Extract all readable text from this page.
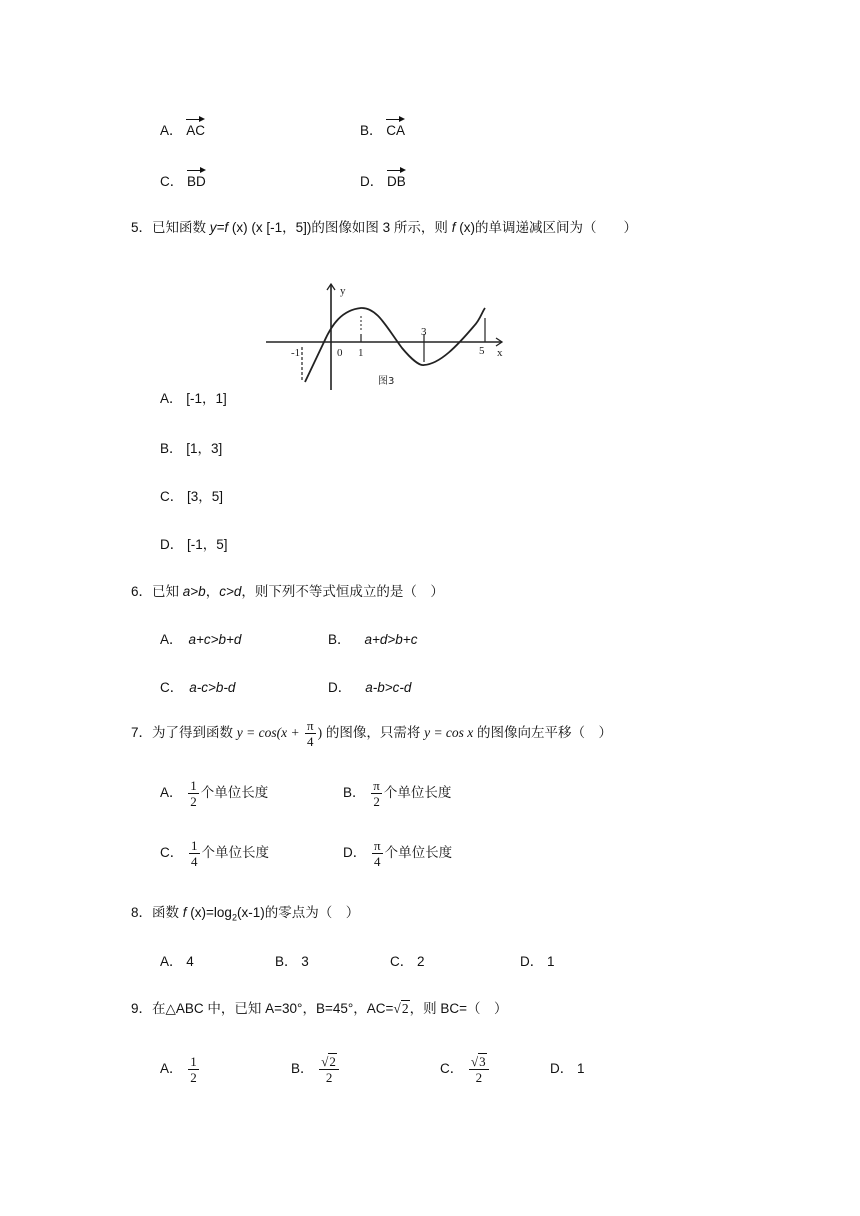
A． AC	B． CA
C． BD	D． DB
5．已知函数 y=f (x) (x [-1，5])的图像如图 3 所示，则 f (x)的单调递减区间为（　　）
y
x
-1	0 1
3
5
图3
A． [-1，1]
B． [1，3]
C． [3，5]
D． [-1，5]
6．已知 a>b，c>d，则下列不等式恒成立的是（　）
A． a+c>b+d	B． a+d>b+c
C． a-c>b-d	D． a-b>c-d
7．为了得到函数 $y = \cos(x + \frac{\pi}{4}$ ) 的图像，只需将 y = cos x 的图像向左平移（　）
A． $\frac{1}{2}$ 个单位长度	B． $\frac{\pi}{2}$ 个单位长度
C． $\frac{1}{4}$ 个单位长度	D． $\frac{\pi}{4}$ 个单位长度
8．函数 f $(x)=\log_2(x-1)$的零点为（　）
A． 4	B． 3	C． 2	D． 1
9．在△ABC 中，已知 A=30°，B=45°，AC=√2，则 BC=（　）
A． $\frac{1}{2}$	B． $\frac{√2}{2}$	C． $\frac{√3}{2}$	D． 1
